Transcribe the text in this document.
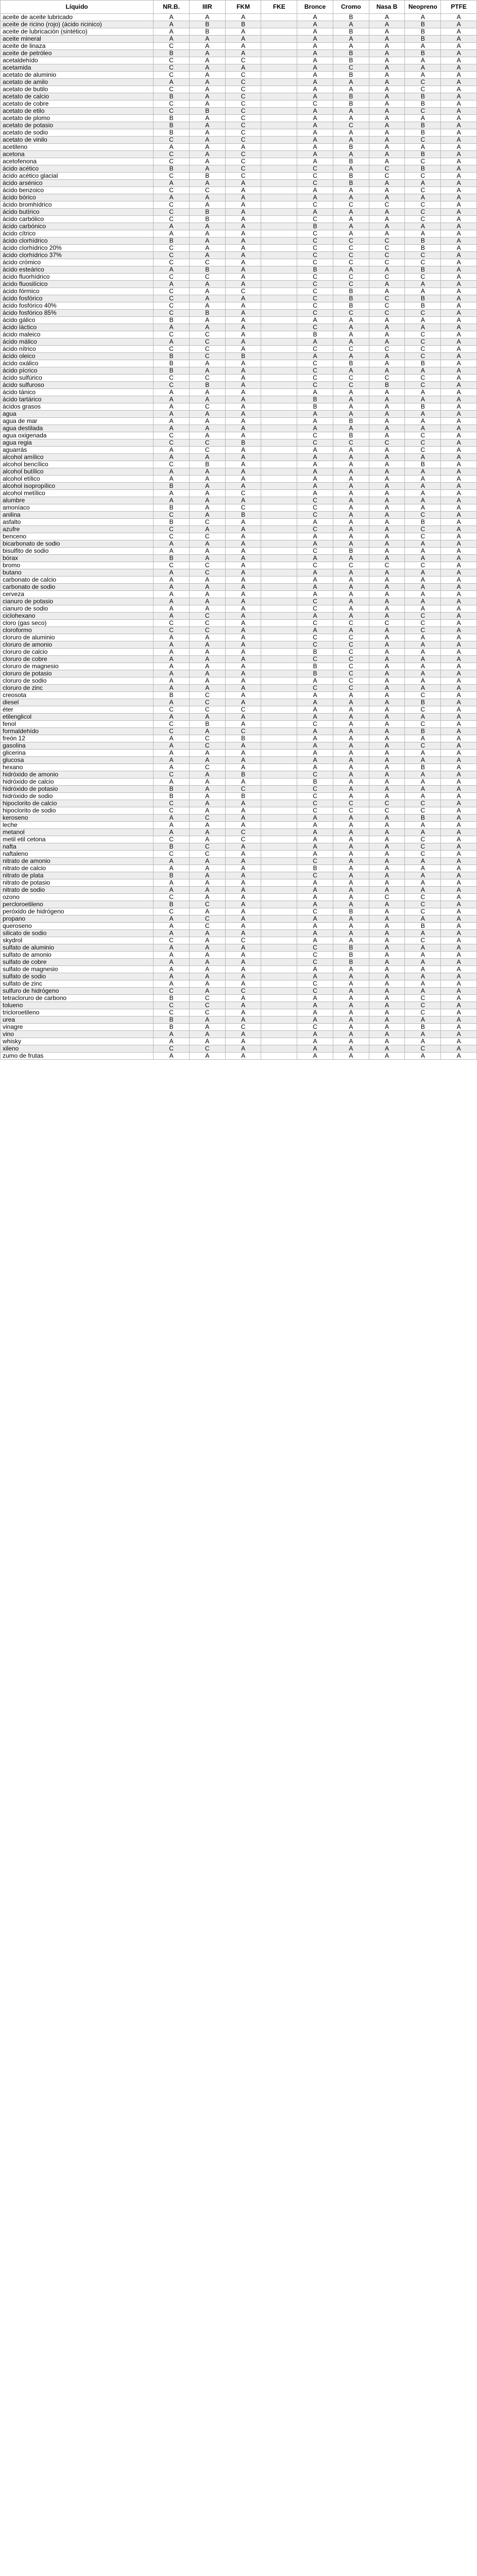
Líquido	NR.B.	IIIR	FKM	FKE	Bronce	Cromo	Nasa B	Neopreno	PTFE
aceite de aceite lubricado	A	A	A		A	B	A	A	A
aceite de ricino (rojo) (ácido ricinico)	A	B	B		A	A	A	B	A
aceite de lubricación (sintético)	A	B	A		A	B	A	B	A
aceite mineral	A	A	A		A	A	A	B	A
aceite de linaza	C	A	A		A	A	A	A	A
aceite de petróleo	B	A	A		A	B	A	B	A
acetaldehído	C	A	C		A	B	A	A	A
acetamida	C	A	A		A	C	A	A	A
acetato de aluminio	C	A	C		A	B	A	A	A
acetato de amilo	A	A	C		A	A	A	C	A
acetato de butilo	C	A	C		A	A	A	C	A
acetato de calcio	B	A	C		A	B	A	B	A
acetato de cobre	C	A	C		C	B	A	B	A
acetato de etilo	C	B	C		A	A	A	C	A
acetato de plomo	B	A	C		A	A	A	A	A
acetato de potasio	B	A	C		A	C	A	B	A
acetato de sodio	B	A	C		A	A	A	B	A
acetato de vinilo	C	A	C		A	A	A	C	A
acetileno	A	A	A		A	B	A	A	A
acetona	C	A	C		A	A	A	B	A
acetofenona	C	A	C		A	B	A	C	A
ácido acético	B	A	C		C	A	C	B	A
ácido acético glacial	C	B	C		C	B	C	C	A
ácido arsénico	A	A	A		C	B	A	A	A
ácido benzoico	C	C	A		A	A	A	C	A
ácido bórico	A	A	A		A	A	A	A	A
ácido bromhídrico	C	A	A		C	C	C	C	A
ácido butírico	C	B	A		A	A	A	C	A
ácido carbólico	C	B	A		C	A	A	C	A
ácido carbónico	A	A	A		B	A	A	A	A
ácido cítrico	A	A	A		C	A	A	A	A
ácido clorhídrico	B	A	A		C	C	C	B	A
ácido clorhídrico 20%	C	A	A		C	C	C	B	A
ácido clorhídrico 37%	C	A	A		C	C	C	C	A
ácido crómico	C	C	A		C	C	C	C	A
ácido esteárico	A	B	A		B	A	A	B	A
ácido fluorhídrico	C	C	A		C	C	C	C	A
ácido fluosilícico	A	A	A		C	C	A	A	A
ácido fórmico	C	A	C		C	B	A	A	A
ácido fosfórico	C	A	A		C	B	C	B	A
ácido fosfórico 40%	C	A	A		C	B	C	B	A
ácido fosfórico 85%	C	B	A		C	C	C	C	A
ácido gálico	B	A	A		A	A	A	A	A
ácido láctico	A	A	A		C	A	A	A	A
ácido maleico	C	C	A		B	A	A	C	A
ácido málico	A	C	A		A	A	A	C	A
ácido nítrico	C	C	A		C	C	C	C	A
ácido oleico	B	C	B		A	A	A	C	A
ácido oxálico	B	A	A		C	B	A	B	A
ácido pícrico	B	A	A		C	A	A	A	A
ácido sulfúrico	C	C	A		C	C	C	C	A
ácido sulfuroso	C	B	A		C	C	B	C	A
ácido tánico	A	A	A		A	A	A	A	A
ácido tartárico	A	A	A		B	A	A	A	A
ácidos grasos	A	C	A		B	A	A	B	A
agua	A	A	A		A	A	A	A	A
agua de mar	A	A	A		A	B	A	A	A
agua destilada	A	A	A		A	A	A	A	A
agua oxigenada	C	A	A		C	B	A	C	A
agua regia	C	C	B		C	C	C	C	A
aguarrás	A	C	A		A	A	A	C	A
alcohol amílico	A	A	A		A	A	A	A	A
alcohol bencílico	C	B	A		A	A	A	B	A
alcohol butílico	A	A	A		A	A	A	A	A
alcohol etílico	A	A	A		A	A	A	A	A
alcohol isopropílico	B	A	A		A	A	A	A	A
alcohol metílico	A	A	C		A	A	A	A	A
alumbre	A	A	A		C	A	A	A	A
amoníaco	B	A	C		C	A	A	A	A
anilina	C	A	B		C	A	A	C	A
asfalto	B	C	A		A	A	A	B	A
azufre	C	A	A		C	A	A	C	A
benceno	C	C	A		A	A	A	C	A
bicarbonato de sodio	A	A	A		A	A	A	A	A
bisulfito de sodio	A	A	A		C	B	A	A	A
bórax	B	A	A		A	A	A	A	A
bromo	C	C	A		C	C	C	C	A
butano	A	C	A		A	A	A	A	A
carbonato de calcio	A	A	A		A	A	A	A	A
carbonato de sodio	A	A	A		A	A	A	A	A
cerveza	A	A	A		A	A	A	A	A
cianuro de potasio	A	A	A		C	A	A	A	A
cianuro de sodio	A	A	A		C	A	A	A	A
ciclohexano	A	C	A		A	A	A	C	A
cloro (gas seco)	C	C	A		C	C	C	C	A
cloroformo	C	C	A		A	A	A	C	A
cloruro de aluminio	A	A	A		C	C	A	A	A
cloruro de amonio	A	A	A		C	C	A	A	A
cloruro de calcio	A	A	A		B	C	A	A	A
cloruro de cobre	A	A	A		C	C	A	A	A
cloruro de magnesio	A	A	A		B	C	A	A	A
cloruro de potasio	A	A	A		B	C	A	A	A
cloruro de sodio	A	A	A		A	C	A	A	A
cloruro de zinc	A	A	A		C	C	A	A	A
creosota	B	C	A		A	A	A	C	A
diesel	A	C	A		A	A	A	B	A
éter	C	C	C		A	A	A	C	A
etilenglicol	A	A	A		A	A	A	A	A
fenol	C	B	A		C	A	A	C	A
formaldehído	C	A	C		A	A	A	B	A
freón 12	A	C	B		A	A	A	A	A
gasolina	A	C	A		A	A	A	C	A
glicerina	A	A	A		A	A	A	A	A
glucosa	A	A	A		A	A	A	A	A
hexano	A	C	A		A	A	A	B	A
hidróxido de amonio	C	A	B		C	A	A	A	A
hidróxido de calcio	A	A	A		B	A	A	A	A
hidróxido de potasio	B	A	C		C	A	A	A	A
hidróxido de sodio	B	A	B		C	A	A	A	A
hipoclorito de calcio	C	A	A		C	C	C	C	A
hipoclorito de sodio	C	A	A		C	C	C	C	A
keroseno	A	C	A		A	A	A	B	A
leche	A	A	A		A	A	A	A	A
metanol	A	A	C		A	A	A	A	A
metil etil cetona	C	A	C		A	A	A	C	A
nafta	B	C	A		A	A	A	C	A
naftaleno	C	C	A		A	A	A	C	A
nitrato de amonio	A	A	A		C	A	A	A	A
nitrato de calcio	A	A	A		B	A	A	A	A
nitrato de plata	B	A	A		C	A	A	A	A
nitrato de potasio	A	A	A		A	A	A	A	A
nitrato de sodio	A	A	A		A	A	A	A	A
ozono	C	A	A		A	A	C	C	A
percloroetileno	B	C	A		A	A	A	C	A
peróxido de hidrógeno	C	A	A		C	B	A	C	A
propano	A	C	A		A	A	A	A	A
queroseno	A	C	A		A	A	A	B	A
silicato de sodio	A	A	A		A	A	A	A	A
skydrol	C	A	C		A	A	A	C	A
sulfato de aluminio	A	A	A		C	B	A	A	A
sulfato de amonio	A	A	A		C	B	A	A	A
sulfato de cobre	A	A	A		C	B	A	A	A
sulfato de magnesio	A	A	A		A	A	A	A	A
sulfato de sodio	A	A	A		A	A	A	A	A
sulfato de zinc	A	A	A		C	A	A	A	A
sulfuro de hidrógeno	C	A	C		C	A	A	A	A
tetracloruro de carbono	B	C	A		A	A	A	C	A
tolueno	C	C	A		A	A	A	C	A
tricloroetileno	C	C	A		A	A	A	C	A
urea	B	A	A		A	A	A	A	A
vinagre	B	A	C		C	A	A	B	A
vino	A	A	A		A	A	A	A	A
whisky	A	A	A		A	A	A	A	A
xileno	C	C	A		A	A	A	C	A
zumo de frutas	A	A	A		A	A	A	A	A
